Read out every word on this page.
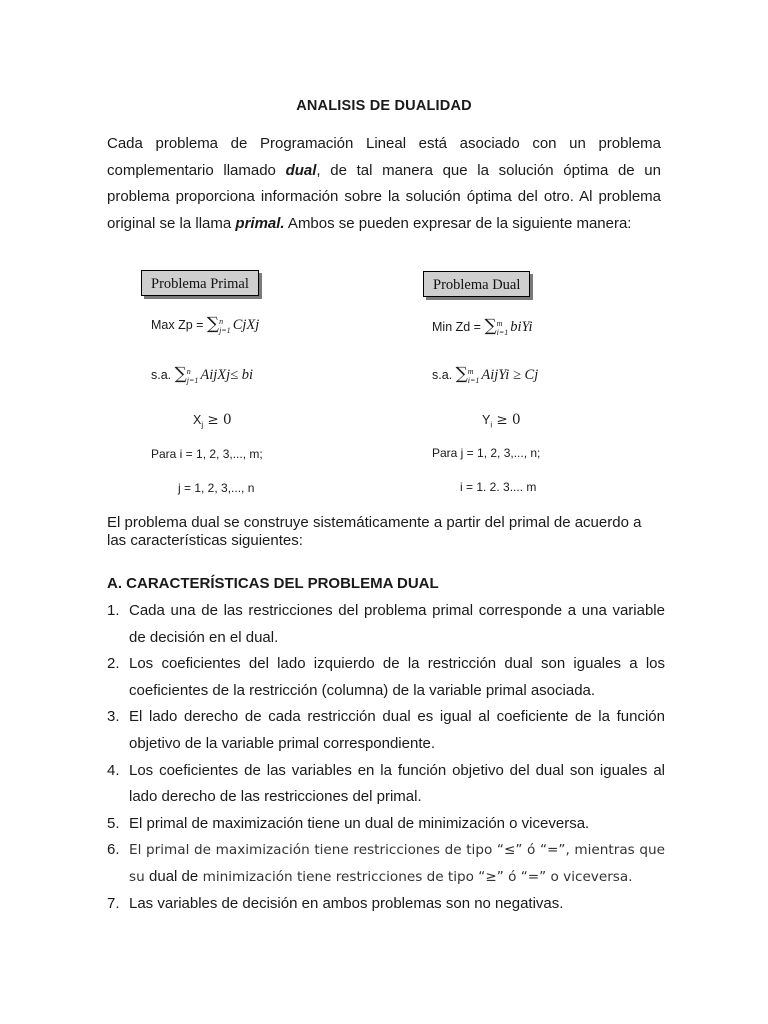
ANALISIS DE DUALIDAD
Cada problema de Programación Lineal está asociado con un problema complementario llamado dual, de tal manera que la solución óptima de un problema proporciona información sobre la solución óptima del otro. Al problema original se la llama primal. Ambos se pueden expresar de la siguiente manera:
Problema Primal
Max Zp = ∑n
j=1 CjXj
s.a. ∑n
j=1 AijXj≤ bi
$X_j \ge 0$
Para i = 1, 2, 3,..., m;
j = 1, 2, 3,..., n
Problema Dual
Min Zd = ∑m
i=1 biYi
s.a. ∑m
i=1 AijYi ≥ Cj
$Y_i \ge 0$
Para j = 1, 2, 3,..., n;
i = 1. 2. 3.... m
El problema dual se construye sistemáticamente a partir del primal de acuerdo a las características siguientes:
A. CARACTERÍSTICAS DEL PROBLEMA DUAL
1. Cada una de las restricciones del problema primal corresponde a una variable de decisión en el dual.
2. Los coeficientes del lado izquierdo de la restricción dual son iguales a los coeficientes de la restricción (columna) de la variable primal asociada.
3. El lado derecho de cada restricción dual es igual al coeficiente de la función objetivo de la variable primal correspondiente.
4. Los coeficientes de las variables en la función objetivo del dual son iguales al lado derecho de las restricciones del primal.
5. El primal de maximización tiene un dual de minimización o viceversa.
6. El primal de maximización tiene restricciones de tipo “≤” ó “=”, mientras que su dual de minimización tiene restricciones de tipo “≥” ó “=” o viceversa.
7. Las variables de decisión en ambos problemas son no negativas.
